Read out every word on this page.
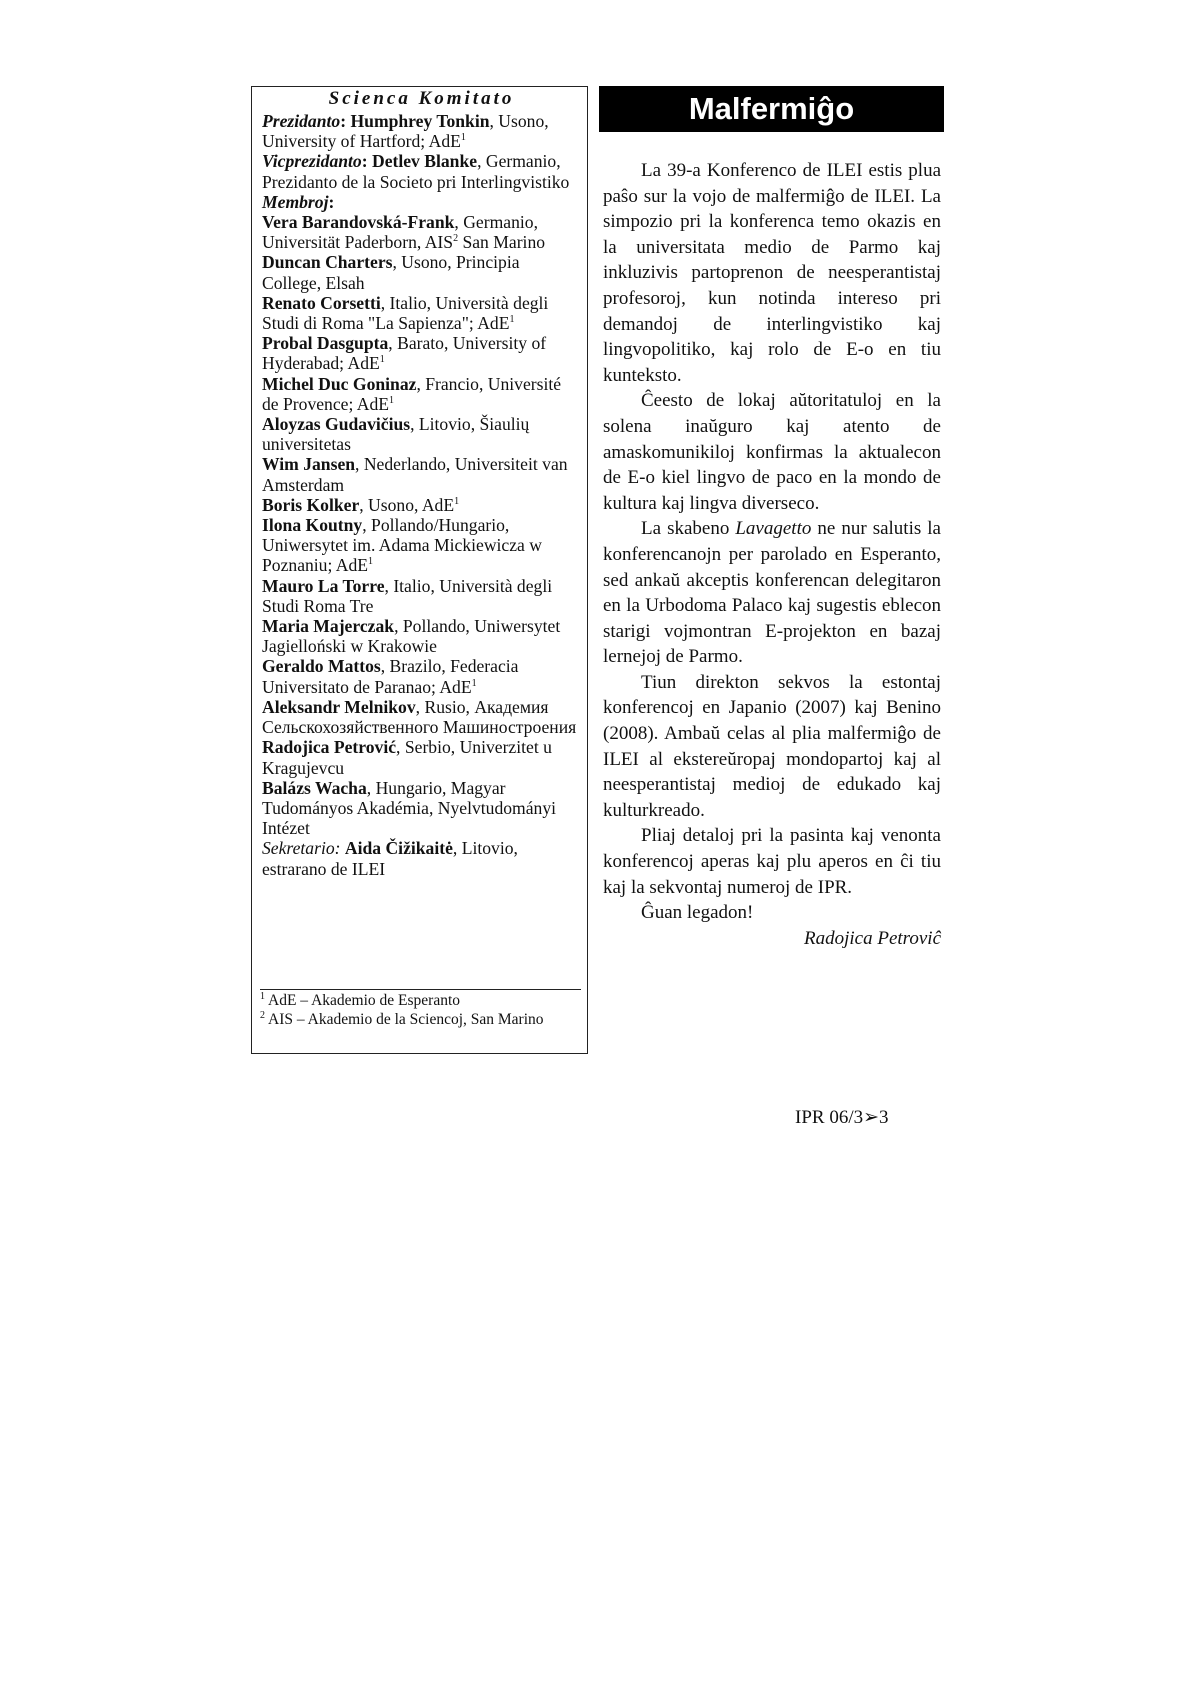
Scienca Komitato
Prezidanto: Humphrey Tonkin, Usono, University of Hartford; AdE$^1$
Vicprezidanto: Detlev Blanke, Germanio, Prezidanto de la Societo pri Interlingvistiko
Membroj:
Vera Barandovská-Frank, Germanio, Universität Paderborn, AIS$^2$ San Marino
Duncan Charters, Usono, Principia College, Elsah
Renato Corsetti, Italio, Università degli Studi di Roma "La Sapienza"; AdE$^1$
Probal Dasgupta, Barato, University of Hyderabad; AdE$^1$
Michel Duc Goninaz, Francio, Université de Provence; AdE$^1$
Aloyzas Gudavičius, Litovio, Šiaulių universitetas
Wim Jansen, Nederlando, Universiteit van Amsterdam
Boris Kolker, Usono, AdE$^1$
Ilona Koutny, Pollando/Hungario, Uniwersytet im. Adama Mickiewicza w Poznaniu; AdE$^1$
Mauro La Torre, Italio, Università degli Studi Roma Tre
Maria Majerczak, Pollando, Uniwersytet Jagielloński w Krakowie
Geraldo Mattos, Brazilo, Federacia Universitato de Paranao; AdE$^1$
Aleksandr Melnikov, Rusio, Академия Сельскохозяйственного Машиностроения
Radojica Petrović, Serbio, Univerzitet u Kragujevcu
Balázs Wacha, Hungario, Magyar Tudományos Akadémia, Nyelvtudományi Intézet
Sekretario: Aida Čižikaitė, Litovio, estrarano de ILEI
$^1$ AdE – Akademio de Esperanto
$^2$ AIS – Akademio de la Sciencoj, San Marino
Malfermiĝo

La 39-a Konferenco de ILEI estis plua paŝo sur la vojo de malfermiĝo de ILEI. La simpozio pri la konferenca temo okazis en la universitata medio de Parmo kaj inkluzivis partoprenon de neesperantistaj profesoroj, kun notinda intereso pri demandoj de interlingvistiko kaj lingvopolitiko, kaj rolo de E-o en tiu kunteksto.

Ĉeesto de lokaj aŭtoritatuloj en la solena inaŭguro kaj atento de amaskomunikiloj konfirmas la aktualecon de E-o kiel lingvo de paco en la mondo de kultura kaj lingva diverseco.

La skabeno Lavagetto ne nur salutis la konferencanojn per parolado en Esperanto, sed ankaŭ akceptis konferencan delegitaron en la Urbodoma Palaco kaj sugestis eblecon starigi vojmontran E-projekton en bazaj lernejoj de Parmo.

Tiun direkton sekvos la estontaj konferencoj en Japanio (2007) kaj Benino (2008). Ambaŭ celas al plia malfermiĝo de ILEI al ekstereŭropaj mondopartoj kaj al neesperantistaj medioj de edukado kaj kulturkreado.

Pliaj detaloj pri la pasinta kaj venonta konferencoj aperas kaj plu aperos en ĉi tiu kaj la sekvontaj numeroj de IPR.

Ĝuan legadon!

Radojica Petroviĉ

IPR 06/3➢3
